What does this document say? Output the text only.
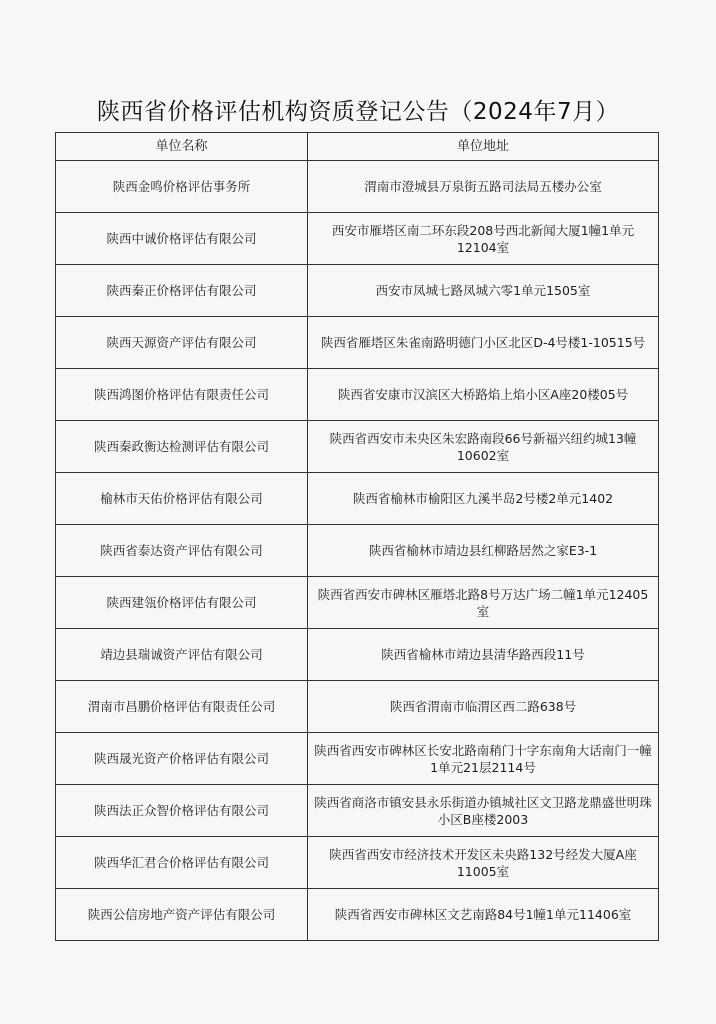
陕西省价格评估机构资质登记公告（2024年7月）
单位名称	单位地址
陕西金鸣价格评估事务所	渭南市澄城县万泉街五路司法局五楼办公室
陕西中诚价格评估有限公司	西安市雁塔区南二环东段208号西北新闻大厦1幢1单元12104室
陕西秦正价格评估有限公司	西安市凤城七路凤城六零1单元1505室
陕西天源资产评估有限公司	陕西省雁塔区朱雀南路明德门小区北区D-4号楼1-10515号
陕西鸿图价格评估有限责任公司	陕西省安康市汉滨区大桥路焰上焰小区A座20楼05号
陕西秦政衡达检测评估有限公司	陕西省西安市未央区朱宏路南段66号新福兴纽约城13幢10602室
榆林市天佑价格评估有限公司	陕西省榆林市榆阳区九溪半岛2号楼2单元1402
陕西省泰达资产评估有限公司	陕西省榆林市靖边县红柳路居然之家E3-1
陕西建瓴价格评估有限公司	陕西省西安市碑林区雁塔北路8号万达广场二幢1单元12405室
靖边县瑞诚资产评估有限公司	陕西省榆林市靖边县清华路西段11号
渭南市昌鹏价格评估有限责任公司	陕西省渭南市临渭区西二路638号
陕西晟光资产价格评估有限公司	陕西省西安市碑林区长安北路南稍门十字东南角大话南门一幢1单元21层2114号
陕西法正众智价格评估有限公司	陕西省商洛市镇安县永乐街道办镇城社区文卫路龙鼎盛世明珠小区B座楼2003
陕西华汇君合价格评估有限公司	陕西省西安市经济技术开发区未央路132号经发大厦A座11005室
陕西公信房地产资产评估有限公司	陕西省西安市碑林区文艺南路84号1幢1单元11406室
